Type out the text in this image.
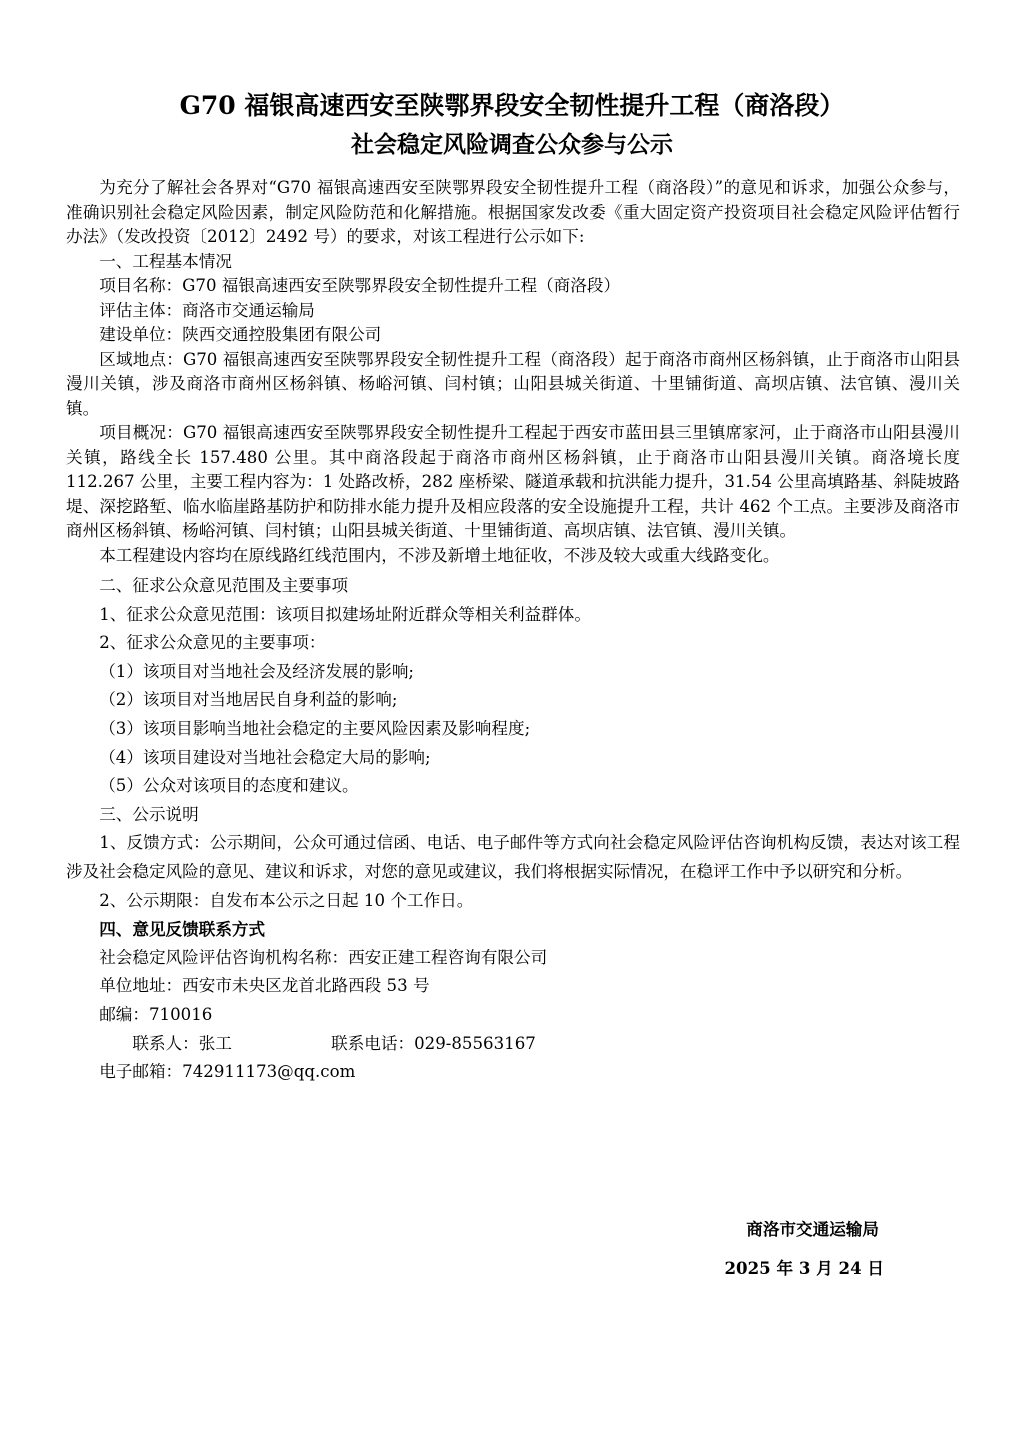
G70 福银高速西安至陕鄂界段安全韧性提升工程（商洛段）
社会稳定风险调查公众参与公示

为充分了解社会各界对“G70 福银高速西安至陕鄂界段安全韧性提升工程（商洛段）”的意见和诉求，加强公众参与，准确识别社会稳定风险因素，制定风险防范和化解措施。根据国家发改委《重大固定资产投资项目社会稳定风险评估暂行办法》（发改投资〔2012〕2492 号）的要求，对该工程进行公示如下:

一、工程基本情况

项目名称：G70 福银高速西安至陕鄂界段安全韧性提升工程（商洛段）

评估主体：商洛市交通运输局

建设单位：陕西交通控股集团有限公司

区域地点：G70 福银高速西安至陕鄂界段安全韧性提升工程（商洛段）起于商洛市商州区杨斜镇，止于商洛市山阳县漫川关镇，涉及商洛市商州区杨斜镇、杨峪河镇、闫村镇；山阳县城关街道、十里铺街道、高坝店镇、法官镇、漫川关镇。

项目概况：G70 福银高速西安至陕鄂界段安全韧性提升工程起于西安市蓝田县三里镇席家河，止于商洛市山阳县漫川关镇，路线全长 157.480 公里。其中商洛段起于商洛市商州区杨斜镇，止于商洛市山阳县漫川关镇。商洛境长度 112.267 公里，主要工程内容为：1 处路改桥，282 座桥梁、隧道承载和抗洪能力提升，31.54 公里高填路基、斜陡坡路堤、深挖路堑、临水临崖路基防护和防排水能力提升及相应段落的安全设施提升工程，共计 462 个工点。主要涉及商洛市商州区杨斜镇、杨峪河镇、闫村镇；山阳县城关街道、十里铺街道、高坝店镇、法官镇、漫川关镇。

本工程建设内容均在原线路红线范围内，不涉及新增土地征收，不涉及较大或重大线路变化。

二、征求公众意见范围及主要事项

1、征求公众意见范围：该项目拟建场址附近群众等相关利益群体。

2、征求公众意见的主要事项：

（1）该项目对当地社会及经济发展的影响;

（2）该项目对当地居民自身利益的影响;

（3）该项目影响当地社会稳定的主要风险因素及影响程度;

（4）该项目建设对当地社会稳定大局的影响;

（5）公众对该项目的态度和建议。

三、公示说明

1、反馈方式：公示期间，公众可通过信函、电话、电子邮件等方式向社会稳定风险评估咨询机构反馈，表达对该工程涉及社会稳定风险的意见、建议和诉求，对您的意见或建议，我们将根据实际情况，在稳评工作中予以研究和分析。

2、公示期限：自发布本公示之日起 10 个工作日。

四、意见反馈联系方式

社会稳定风险评估咨询机构名称：西安正建工程咨询有限公司

单位地址：西安市未央区龙首北路西段 53 号

邮编：710016

联系人：张工	联系电话：029-85563167

电子邮箱：742911173@qq.com

商洛市交通运输局
2025 年 3 月 24 日
